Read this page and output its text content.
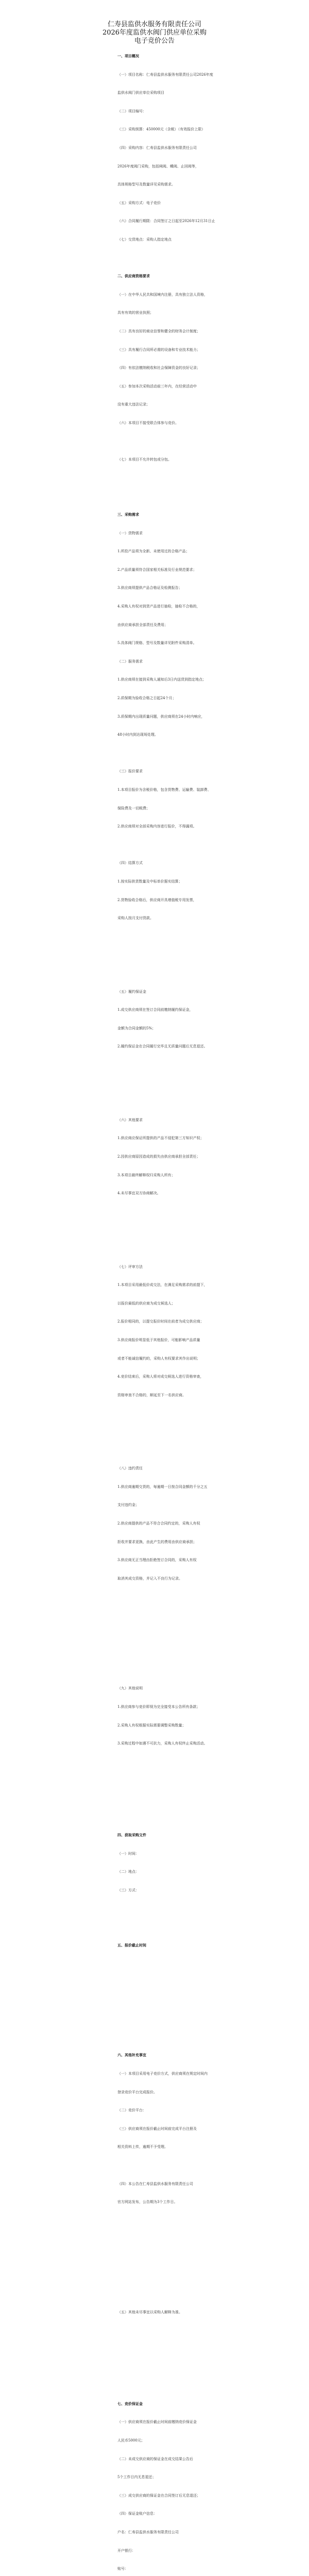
仁寿县监供水服务有限责任公司
2026年度监供水阀门供应单位采购
电子竞价公告
一、项目概况
（一）项目名称：仁寿县监供水服务有限责任公司2026年度
监供水阀门供应单位采购项目
（二）项目编号：
（三）采购预算：450000元（含税）（有效报价上限）
（四）采购内容：仁寿县监供水服务有限责任公司
2026年度阀门采购，包括闸阀、蝶阀、止回阀等，
具体规格型号及数量详见采购需求。
（五）采购方式：电子竞价
（六）合同履行期限：合同签订之日起至2026年12月31日止
（七）交货地点：采购人指定地点
二、供应商资格要求
（一）在中华人民共和国境内注册，具有独立法人资格，
具有有效的营业执照；
（二）具有良好的商业信誉和健全的财务会计制度；
（三）具有履行合同所必需的设备和专业技术能力；
（四）有依法缴纳税收和社会保障资金的良好记录；
（五）参加本次采购活动前三年内，在经营活动中
没有重大违法记录；
（六）本项目不接受联合体参与竞价。
（七）本项目不允许转包或分包。
三、采购需求
（一）货物需求
1.所投产品须为全新、未使用过的合格产品；
2.产品质量须符合国家相关标准及行业规范要求；
3.供应商须提供产品合格证及检测报告；
4.采购人有权对到货产品进行抽检，抽检不合格的，
由供应商承担全部责任及费用；
5.具体阀门规格、型号及数量详见附件采购清单。
（二）服务需求
1.供应商须在接到采购人通知后3日内送货到指定地点；
2.质保期为验收合格之日起24个月；
3.质保期内出现质量问题，供应商须在24小时内响应，
48小时内到达现场处理。
（三）报价要求
1.本项目报价为含税价格，包含货物费、运输费、装卸费、
保险费及一切税费；
2.供应商须对全部采购内容进行报价，不得漏项。
（四）结算方式
1.按实际供货数量及中标单价据实结算；
2.货物验收合格后，供应商开具增值税专用发票，
采购人按月支付货款。
（五）履约保证金
1.成交供应商须在签订合同前缴纳履约保证金，
金额为合同金额的5%；
2.履约保证金在合同履行完毕且无质量问题后无息退还。
（六）其他要求
1.供应商应保证所提供的产品不侵犯第三方知识产权；
2.因供应商原因造成的损失由供应商承担全部责任；
3.本项目最终解释权归采购人所有；
4.未尽事宜双方协商解决。
（七）评审方法
1.本项目采用最低价成交法，在满足采购需求的前提下，
以报价最低的供应商为成交候选人；
2.报价相同的，以提交报价时间在前者为成交供应商；
3.供应商报价明显低于其他报价，可能影响产品质量
或者不能诚信履约的，采购人有权要求其作出说明；
4.竞价结束后，采购人将对成交候选人进行资格审查，
资格审查不合格的，顺延至下一名供应商。
（八）违约责任
1.供应商逾期交货的，每逾期一日按合同金额的千分之五
支付违约金；
2.供应商提供的产品不符合合同约定的，采购人有权
拒收并要求更换，由此产生的费用由供应商承担；
3.供应商无正当理由拒绝签订合同的，采购人有权
取消其成交资格，并记入不良行为记录。
（九）其他说明
1.供应商参与竞价即视为完全接受本公告所有条款；
2.采购人有权根据实际需要调整采购数量；
3.采购过程中如遇不可抗力，采购人有权终止采购活动。
四、获取采购文件
（一）时间：
（二）地点：
（三）方式：
五、报价截止时间
六、其他补充事宜
（一）本项目采用电子竞价方式，供应商须在规定时间内
登录竞价平台完成报价。
（二）竞价平台：
（三）供应商须在报价截止时间前完成平台注册及
相关资料上传，逾期不予受理。
（四）本公告在仁寿县监供水服务有限责任公司
官方网站发布，公告期为3个工作日。
（五）其他未尽事宜以采购人解释为准。
七、竞价保证金
（一）供应商须在报价截止时间前缴纳竞价保证金
人民币5000元；
（二）未成交供应商的保证金在成交结果公告后
5个工作日内无息退还；
（三）成交供应商的保证金在合同签订后无息退还；
（四）保证金账户信息：
户名：仁寿县监供水服务有限责任公司
开户银行：
账号：
